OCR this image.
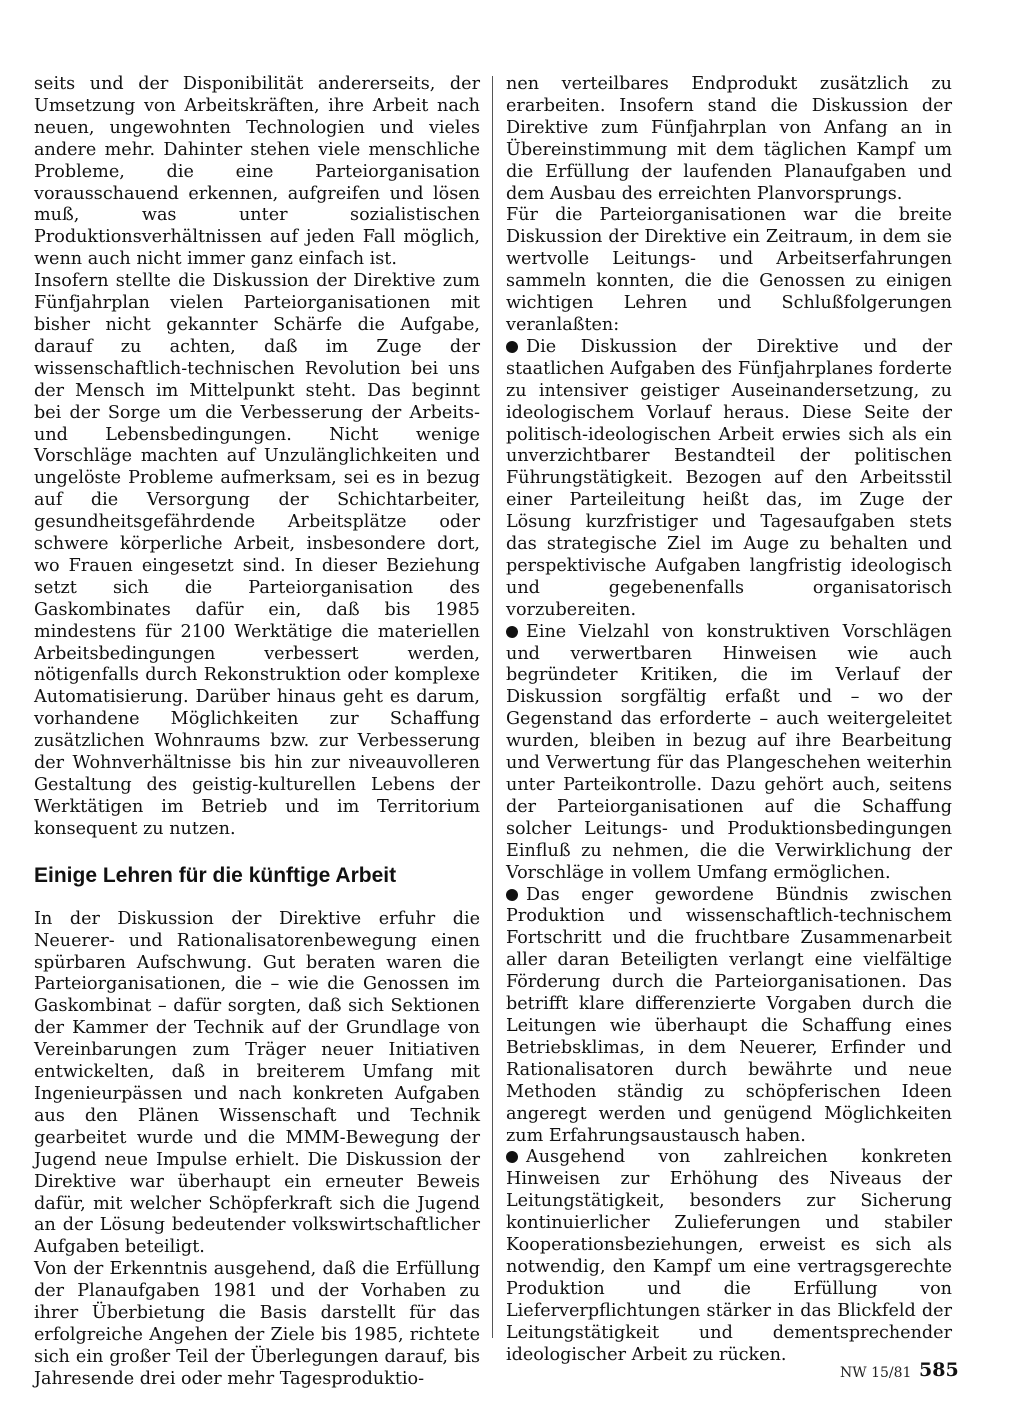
seits und der Disponibilität andererseits, der Umsetzung von Arbeitskräften, ihre Arbeit nach neuen, ungewohnten Technologien und vieles andere mehr. Dahinter stehen viele menschliche Probleme, die eine Parteiorganisation vorausschauend erkennen, aufgreifen und lösen muß, was unter sozialistischen Produktionsverhältnissen auf jeden Fall möglich, wenn auch nicht immer ganz einfach ist.

Insofern stellte die Diskussion der Direktive zum Fünfjahrplan vielen Parteiorganisationen mit bisher nicht gekannter Schärfe die Aufgabe, darauf zu achten, daß im Zuge der wissenschaftlich-technischen Revolution bei uns der Mensch im Mittelpunkt steht. Das beginnt bei der Sorge um die Verbesserung der Arbeits- und Lebensbedingungen. Nicht wenige Vorschläge machten auf Unzulänglichkeiten und ungelöste Probleme aufmerksam, sei es in bezug auf die Versorgung der Schichtarbeiter, gesundheitsgefährdende Arbeitsplätze oder schwere körperliche Arbeit, insbesondere dort, wo Frauen eingesetzt sind. In dieser Beziehung setzt sich die Parteiorganisation des Gaskombinates dafür ein, daß bis 1985 mindestens für 2100 Werktätige die materiellen Arbeitsbedingungen verbessert werden, nötigenfalls durch Rekonstruktion oder komplexe Automatisierung. Darüber hinaus geht es darum, vorhandene Möglichkeiten zur Schaffung zusätzlichen Wohnraums bzw. zur Verbesserung der Wohnverhältnisse bis hin zur niveauvolleren Gestaltung des geistig-kulturellen Lebens der Werktätigen im Betrieb und im Territorium konsequent zu nutzen.

Einige Lehren für die künftige Arbeit

In der Diskussion der Direktive erfuhr die Neuerer- und Rationalisatorenbewegung einen spürbaren Aufschwung. Gut beraten waren die Parteiorganisationen, die – wie die Genossen im Gaskombinat – dafür sorgten, daß sich Sektionen der Kammer der Technik auf der Grundlage von Vereinbarungen zum Träger neuer Initiativen entwickelten, daß in breiterem Umfang mit Ingenieurpässen und nach konkreten Aufgaben aus den Plänen Wissenschaft und Technik gearbeitet wurde und die MMM-Bewegung der Jugend neue Impulse erhielt. Die Diskussion der Direktive war überhaupt ein erneuter Beweis dafür, mit welcher Schöpferkraft sich die Jugend an der Lösung bedeutender volkswirtschaftlicher Aufgaben beteiligt.

Von der Erkenntnis ausgehend, daß die Erfüllung der Planaufgaben 1981 und der Vorhaben zu ihrer Überbietung die Basis darstellt für das erfolgreiche Angehen der Ziele bis 1985, richtete sich ein großer Teil der Überlegungen darauf, bis Jahresende drei oder mehr Tagesproduktio-

nen verteilbares Endprodukt zusätzlich zu erarbeiten. Insofern stand die Diskussion der Direktive zum Fünfjahrplan von Anfang an in Übereinstimmung mit dem täglichen Kampf um die Erfüllung der laufenden Planaufgaben und dem Ausbau des erreichten Planvorsprungs.

Für die Parteiorganisationen war die breite Diskussion der Direktive ein Zeitraum, in dem sie wertvolle Leitungs- und Arbeitserfahrungen sammeln konnten, die die Genossen zu einigen wichtigen Lehren und Schlußfolgerungen veranlaßten:

Die Diskussion der Direktive und der staatlichen Aufgaben des Fünfjahrplanes forderte zu intensiver geistiger Auseinandersetzung, zu ideologischem Vorlauf heraus. Diese Seite der politisch-ideologischen Arbeit erwies sich als ein unverzichtbarer Bestandteil der politischen Führungstätigkeit. Bezogen auf den Arbeitsstil einer Parteileitung heißt das, im Zuge der Lösung kurzfristiger und Tagesaufgaben stets das strategische Ziel im Auge zu behalten und perspektivische Aufgaben langfristig ideologisch und gegebenenfalls organisatorisch vorzubereiten.

Eine Vielzahl von konstruktiven Vorschlägen und verwertbaren Hinweisen wie auch begründeter Kritiken, die im Verlauf der Diskussion sorgfältig erfaßt und – wo der Gegenstand das erforderte – auch weitergeleitet wurden, bleiben in bezug auf ihre Bearbeitung und Verwertung für das Plangeschehen weiterhin unter Parteikontrolle. Dazu gehört auch, seitens der Parteiorganisationen auf die Schaffung solcher Leitungs- und Produktionsbedingungen Einfluß zu nehmen, die die Verwirklichung der Vorschläge in vollem Umfang ermöglichen.

Das enger gewordene Bündnis zwischen Produktion und wissenschaftlich-technischem Fortschritt und die fruchtbare Zusammenarbeit aller daran Beteiligten verlangt eine vielfältige Förderung durch die Parteiorganisationen. Das betrifft klare differenzierte Vorgaben durch die Leitungen wie überhaupt die Schaffung eines Betriebsklimas, in dem Neuerer, Erfinder und Rationalisatoren durch bewährte und neue Methoden ständig zu schöpferischen Ideen angeregt werden und genügend Möglichkeiten zum Erfahrungsaustausch haben.

Ausgehend von zahlreichen konkreten Hinweisen zur Erhöhung des Niveaus der Leitungstätigkeit, besonders zur Sicherung kontinuierlicher Zulieferungen und stabiler Kooperationsbeziehungen, erweist es sich als notwendig, den Kampf um eine vertragsgerechte Produktion und die Erfüllung von Lieferverpflichtungen stärker in das Blickfeld der Leitungstätigkeit und dementsprechender ideologischer Arbeit zu rücken.

NW 15/81 585
